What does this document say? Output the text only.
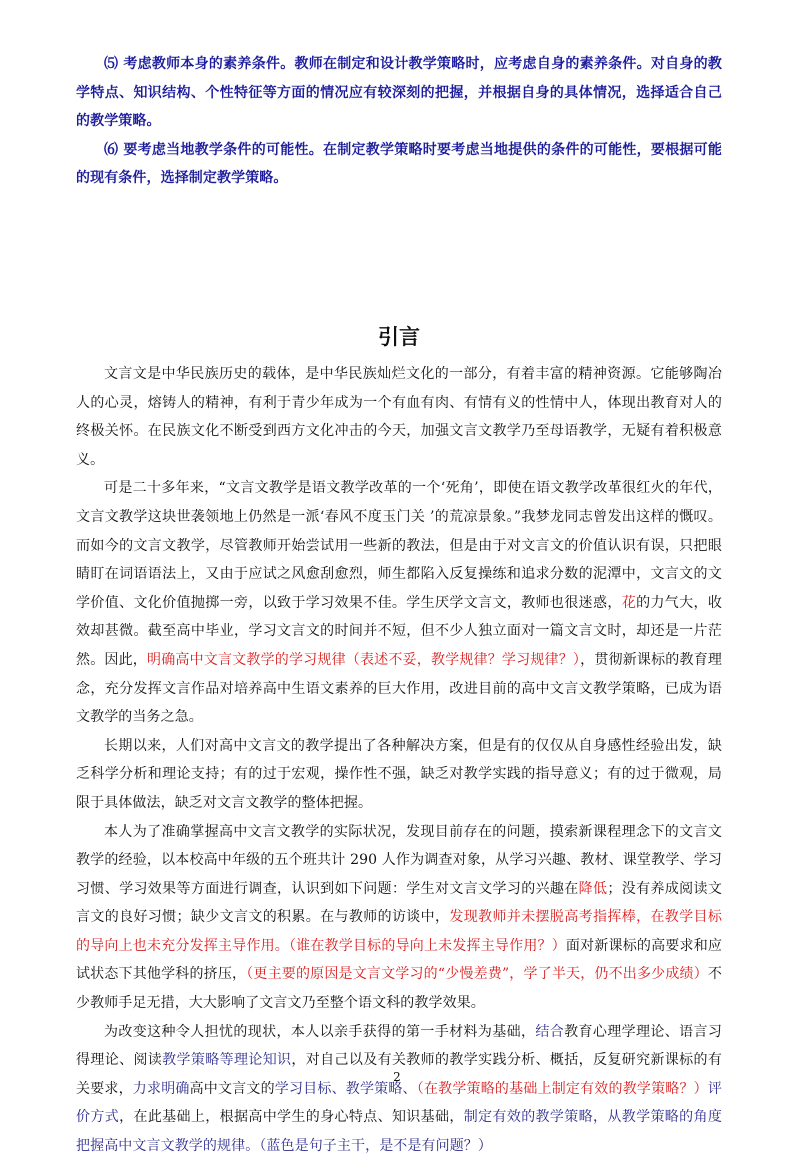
⑸ 考虑教师本身的素养条件。教师在制定和设计教学策略时，应考虑自身的素养条件。对自身的教学特点、知识结构、个性特征等方面的情况应有较深刻的把握，并根据自身的具体情况，选择适合自己的教学策略。

⑹ 要考虑当地教学条件的可能性。在制定教学策略时要考虑当地提供的条件的可能性，要根据可能的现有条件，选择制定教学策略。

引言

文言文是中华民族历史的载体，是中华民族灿烂文化的一部分，有着丰富的精神资源。它能够陶冶人的心灵，熔铸人的精神，有利于青少年成为一个有血有肉、有情有义的性情中人，体现出教育对人的终极关怀。在民族文化不断受到西方文化冲击的今天，加强文言文教学乃至母语教学，无疑有着积极意义。

可是二十多年来，“文言文教学是语文教学改革的一个‘死角’，即使在语文教学改革很红火的年代，文言文教学这块世袭领地上仍然是一派‘春风不度玉门关 ’的荒凉景象。”我梦龙同志曾发出这样的慨叹。而如今的文言文教学，尽管教师开始尝试用一些新的教法，但是由于对文言文的价值认识有误，只把眼睛盯在词语语法上，又由于应试之风愈刮愈烈，师生都陷入反复操练和追求分数的泥潭中，文言文的文学价值、文化价值抛掷一旁，以致于学习效果不佳。学生厌学文言文，教师也很迷惑，花的力气大，收效却甚微。截至高中毕业，学习文言文的时间并不短，但不少人独立面对一篇文言文时，却还是一片茫然。因此，明确高中文言文教学的学习规律（表述不妥，教学规律？学习规律？），贯彻新课标的教育理念，充分发挥文言作品对培养高中生语文素养的巨大作用，改进目前的高中文言文教学策略，已成为语文教学的当务之急。

长期以来，人们对高中文言文的教学提出了各种解决方案，但是有的仅仅从自身感性经验出发，缺乏科学分析和理论支持；有的过于宏观，操作性不强，缺乏对教学实践的指导意义；有的过于微观，局限于具体做法，缺乏对文言文教学的整体把握。

本人为了准确掌握高中文言文教学的实际状况，发现目前存在的问题，摸索新课程理念下的文言文教学的经验，以本校高中年级的五个班共计 290 人作为调查对象，从学习兴趣、教材、课堂教学、学习习惯、学习效果等方面进行调查，认识到如下问题：学生对文言文学习的兴趣在降低；没有养成阅读文言文的良好习惯；缺少文言文的积累。在与教师的访谈中，发现教师并未摆脱高考指挥棒，在教学目标的导向上也未充分发挥主导作用。（谁在教学目标的导向上未发挥主导作用？）面对新课标的高要求和应试状态下其他学科的挤压，（更主要的原因是文言文学习的“少慢差费”，学了半天，仍不出多少成绩）不少教师手足无措，大大影响了文言文乃至整个语文科的教学效果。

为改变这种令人担忧的现状，本人以亲手获得的第一手材料为基础，结合教育心理学理论、语言习得理论、阅读教学策略等理论知识，对自己以及有关教师的教学实践分析、概括，反复研究新课标的有关要求，力求明确高中文言文的学习目标、教学策略、（在教学策略的基础上制定有效的教学策略？）评价方式，在此基础上，根据高中学生的身心特点、知识基础，制定有效的教学策略，从教学策略的角度把握高中文言文教学的规律。（蓝色是句子主干，是不是有问题？）

2
